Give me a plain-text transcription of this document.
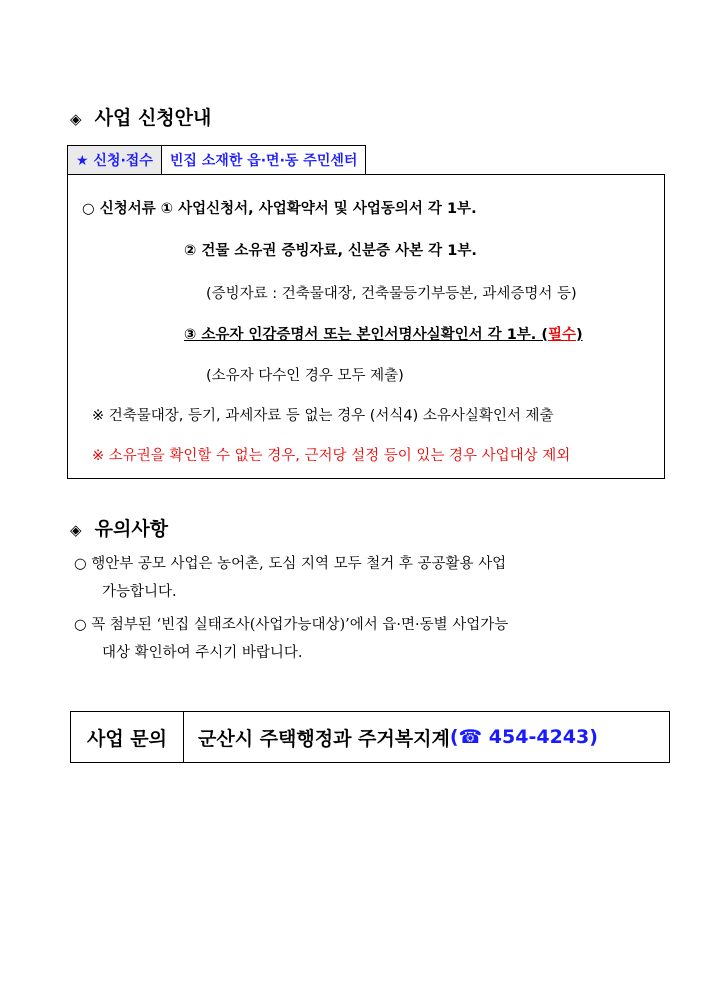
◈ 사업 신청안내
★ 신청·접수	빈집 소재한 읍·면·동 주민센터
○ 신청서류 ① 사업신청서, 사업확약서 및 사업동의서 각 1부.
② 건물 소유권 증빙자료, 신분증 사본 각 1부.
(증빙자료 : 건축물대장, 건축물등기부등본, 과세증명서 등)
③ 소유자 인감증명서 또는 본인서명사실확인서 각 1부. (필수)
(소유자 다수인 경우 모두 제출)
※ 건축물대장, 등기, 과세자료 등 없는 경우 (서식4) 소유사실확인서 제출
※ 소유권을 확인할 수 없는 경우, 근저당 설정 등이 있는 경우 사업대상 제외
◈ 유의사항
○ 행안부 공모 사업은 농어촌, 도심 지역 모두 철거 후 공공활용 사업
가능합니다.
○ 꼭 첨부된 ‘빈집 실태조사(사업가능대상)’에서 읍·면·동별 사업가능
대상 확인하여 주시기 바랍니다.
사업 문의	군산시 주택행정과 주거복지계 (☎ 454-4243)
